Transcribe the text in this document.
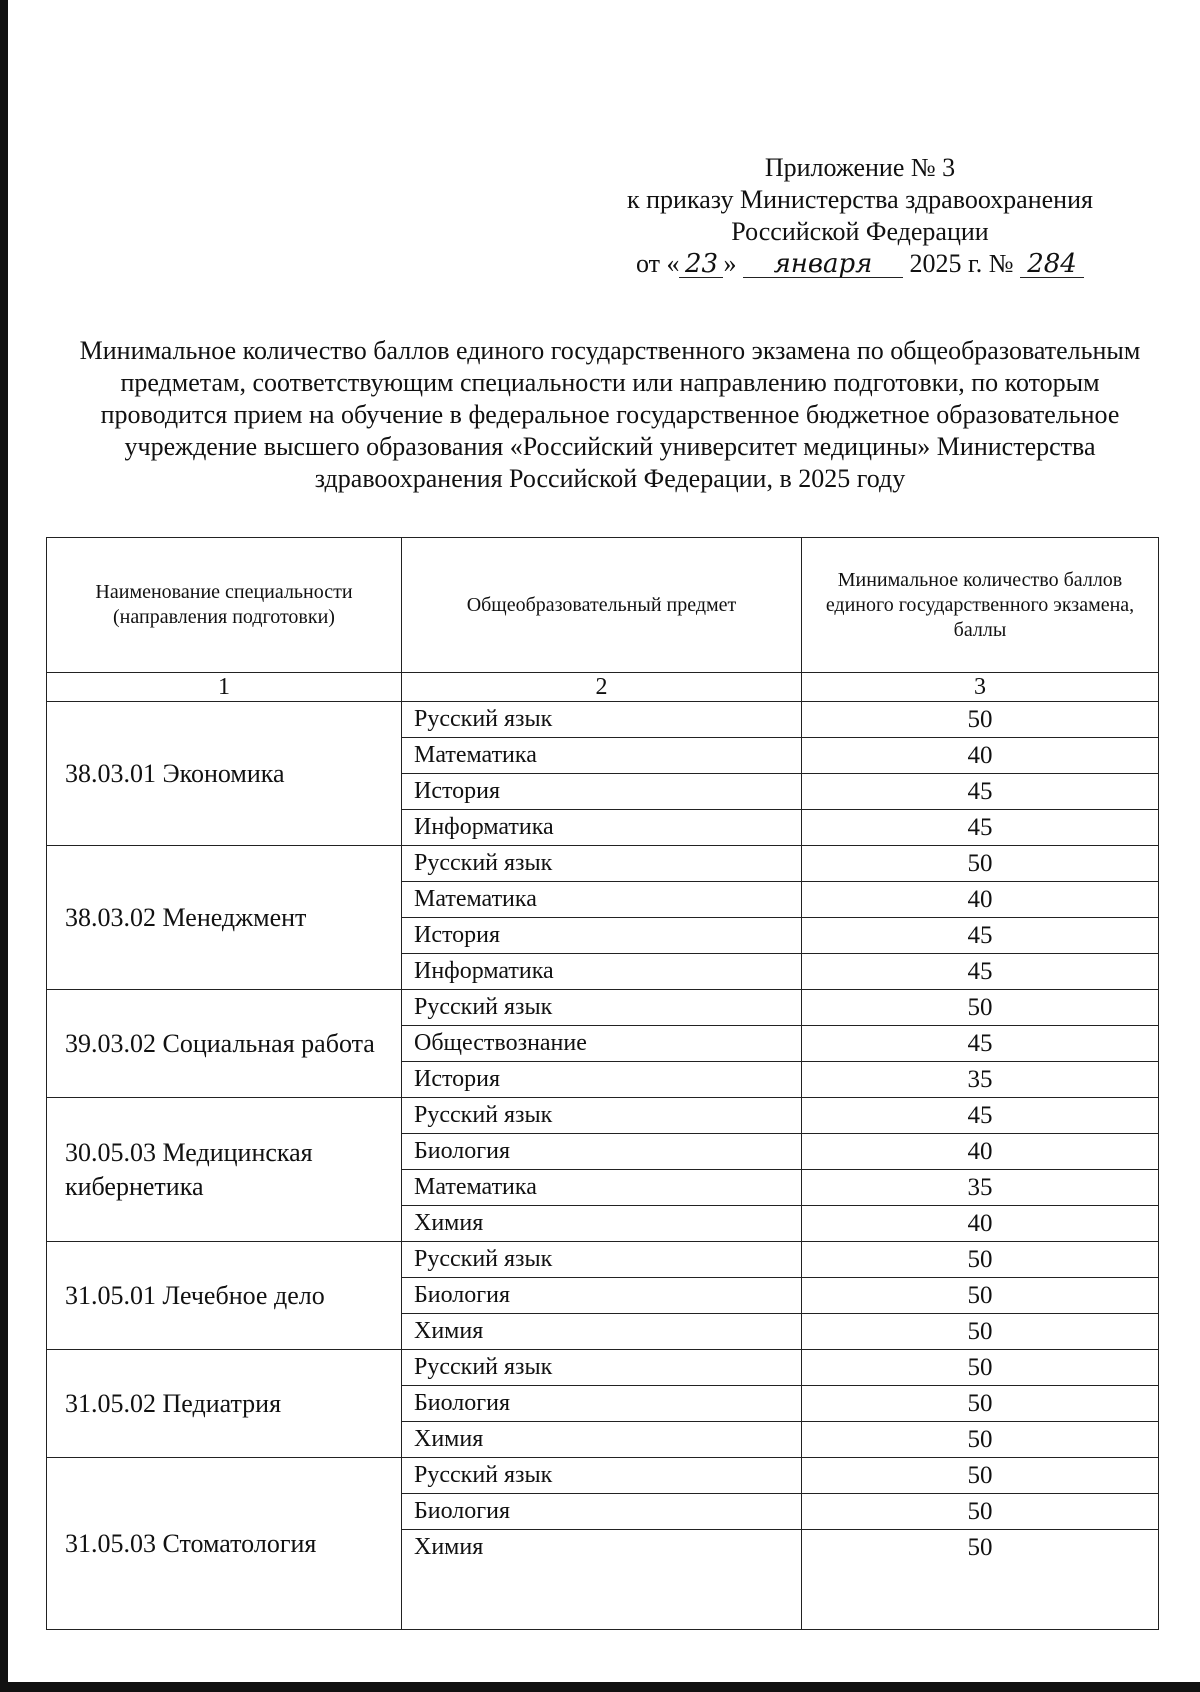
Приложение № 3
к приказу Министерства здравоохранения
Российской Федерации
от « 23 » января 2025 г. № 284
Минимальное количество баллов единого государственного экзамена по общеобразовательным предметам, соответствующим специальности или направлению подготовки, по которым проводится прием на обучение в федеральное государственное бюджетное образовательное учреждение высшего образования «Российский университет медицины» Министерства здравоохранения Российской Федерации, в 2025 году
Наименование специальности (направления подготовки)	Общеобразовательный предмет	Минимальное количество баллов единого государственного экзамена, баллы
1	2	3
38.03.01 Экономика	Русский язык	50
	Математика	40
	История	45
	Информатика	45
38.03.02 Менеджмент	Русский язык	50
	Математика	40
	История	45
	Информатика	45
39.03.02 Социальная работа	Русский язык	50
	Обществознание	45
	История	35
30.05.03 Медицинская кибернетика	Русский язык	45
	Биология	40
	Математика	35
	Химия	40
31.05.01 Лечебное дело	Русский язык	50
	Биология	50
	Химия	50
31.05.02 Педиатрия	Русский язык	50
	Биология	50
	Химия	50
31.05.03 Стоматология	Русский язык	50
	Биология	50
	Химия	50
